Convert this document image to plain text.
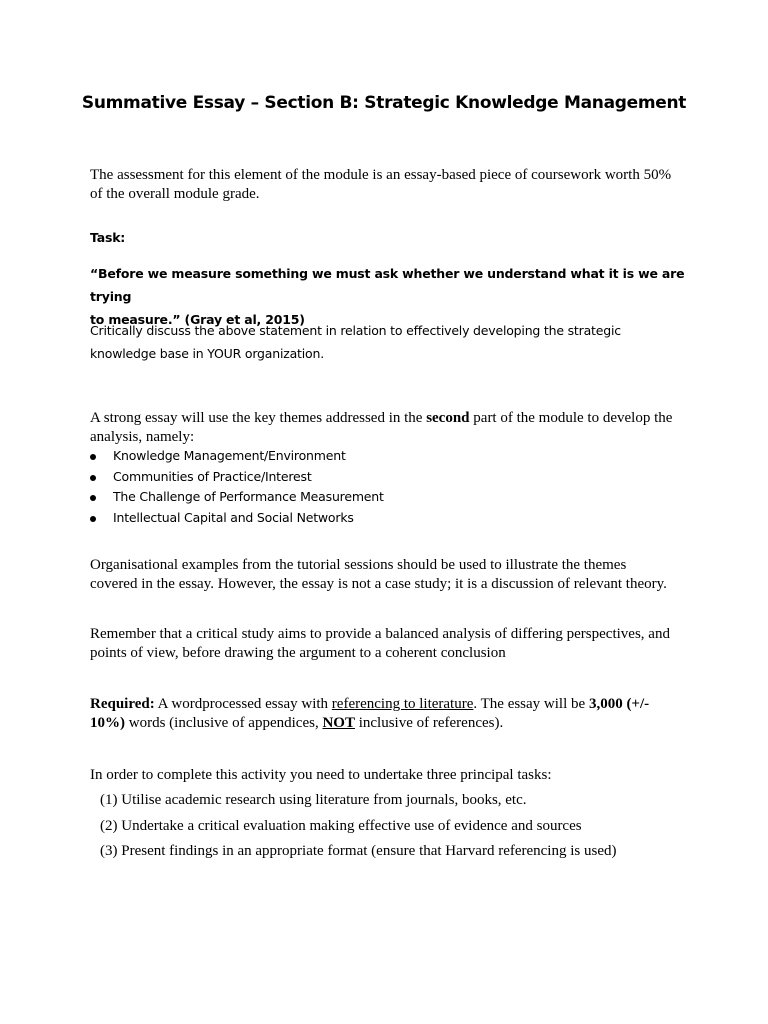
Summative Essay – Section B: Strategic Knowledge Management
The assessment for this element of the module is an essay-based piece of coursework worth 50%
of the overall module grade.
Task:
“Before we measure something we must ask whether we understand what it is we are trying
to measure.” (Gray et al, 2015)
Critically discuss the above statement in relation to effectively developing the strategic
knowledge base in YOUR organization.
A strong essay will use the key themes addressed in the second part of the module to develop the
analysis, namely:
Knowledge Management/Environment
Communities of Practice/Interest
The Challenge of Performance Measurement
Intellectual Capital and Social Networks
Organisational examples from the tutorial sessions should be used to illustrate the themes
covered in the essay. However, the essay is not a case study; it is a discussion of relevant theory.
Remember that a critical study aims to provide a balanced analysis of differing perspectives, and
points of view, before drawing the argument to a coherent conclusion
Required: A wordprocessed essay with referencing to literature. The essay will be 3,000 (+/-
10%) words (inclusive of appendices, NOT inclusive of references).
In order to complete this activity you need to undertake three principal tasks:
(1) Utilise academic research using literature from journals, books, etc.
(2) Undertake a critical evaluation making effective use of evidence and sources
(3) Present findings in an appropriate format (ensure that Harvard referencing is used)
